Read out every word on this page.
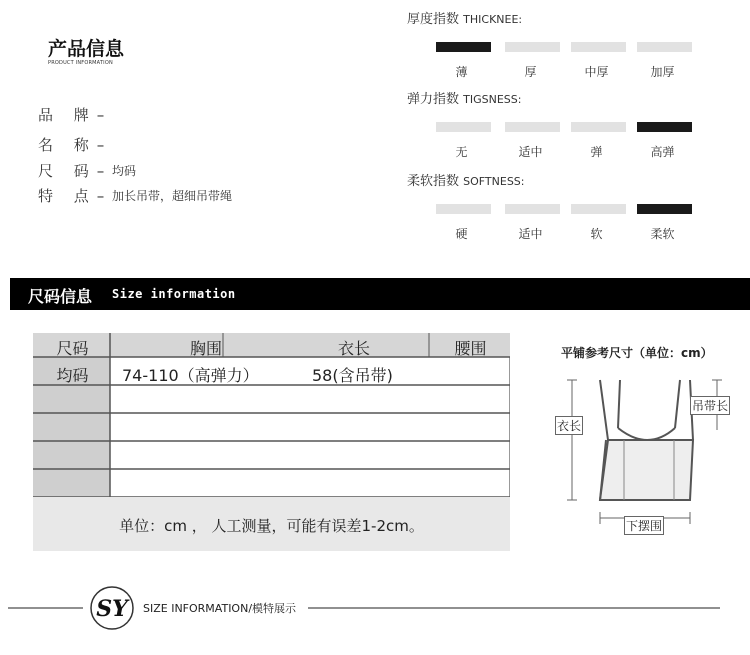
产品信息
PRODUCT INFORMATION
品 牌–
名 称–
尺 码– 均码
特 点– 加长吊带，超细吊带绳
厚度指数 THICKNEE:
薄	厚	中厚	加厚
弹力指数 TIGSNESS:
无	适中	弹	高弹
柔软指数 SOFTNESS:
硬	适中	软	柔软
尺码信息 Size information
尺码	胸围	衣长	腰围
均码	74-110（高弹力）	58(含吊带)
单位：cm ， 人工测量，可能有误差1-2cm。
平铺参考尺寸（单位：cm）
衣长
吊带长
下摆围
SY SIZE INFORMATION/模特展示
